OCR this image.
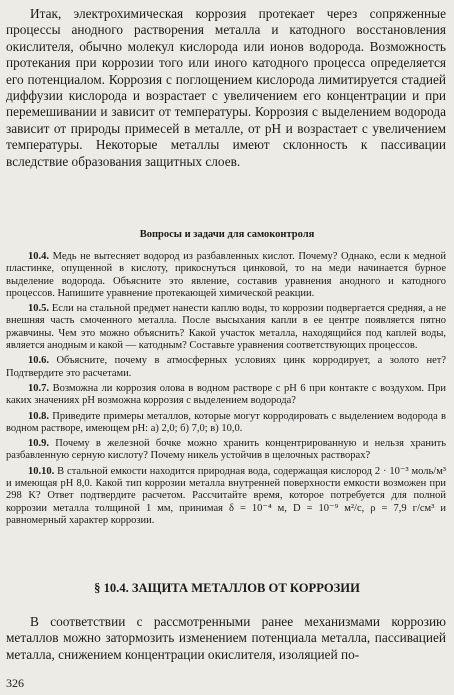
Итак, электрохимическая коррозия протекает через сопряженные процессы анодного растворения металла и катодного восстановления окислителя, обычно молекул кислорода или ионов водорода. Возможность протекания при коррозии того или иного катодного процесса определяется его потенциалом. Коррозия с поглощением кислорода лимитируется стадией диффузии кислорода и возрастает с увеличением его концентрации и при перемешивании и зависит от температуры. Коррозия с выделением водорода зависит от природы примесей в металле, от pH и возрастает с увеличением температуры. Некоторые металлы имеют склонность к пассивации вследствие образования защитных слоев.

Вопросы и задачи для самоконтроля

10.4. Медь не вытесняет водород из разбавленных кислот. Почему? Однако, если к медной пластинке, опущенной в кислоту, прикоснуться цинковой, то на меди начинается бурное выделение водорода. Объясните это явление, составив уравнения анодного и катодного процессов. Напишите уравнение протекающей химической реакции.

10.5. Если на стальной предмет нанести каплю воды, то коррозии подвергается средняя, а не внешняя часть смоченного металла. После высыхания капли в ее центре появляется пятно ржавчины. Чем это можно объяснить? Какой участок металла, находящийся под каплей воды, является анодным и какой — катодным? Составьте уравнения соответствующих процессов.

10.6. Объясните, почему в атмосферных условиях цинк корродирует, а золото нет? Подтвердите это расчетами.

10.7. Возможна ли коррозия олова в водном растворе с pH 6 при контакте с воздухом. При каких значениях pH возможна коррозия с выделением водорода?

10.8. Приведите примеры металлов, которые могут корродировать с выделением водорода в водном растворе, имеющем pH: а) 2,0; б) 7,0; в) 10,0.

10.9. Почему в железной бочке можно хранить концентрированную и нельзя хранить разбавленную серную кислоту? Почему никель устойчив в щелочных растворах?

10.10. В стальной емкости находится природная вода, содержащая кислород 2 · 10⁻³ моль/м³ и имеющая pH 8,0. Какой тип коррозии металла внутренней поверхности емкости возможен при 298 K? Ответ подтвердите расчетом. Рассчитайте время, которое потребуется для полной коррозии металла толщиной 1 мм, принимая δ = 10⁻⁴ м, D = 10⁻⁹ м²/с, ρ = 7,9 г/см³ и равномерный характер коррозии.

§ 10.4. ЗАЩИТА МЕТАЛЛОВ ОТ КОРРОЗИИ

В соответствии с рассмотренными ранее механизмами коррозию металлов можно затормозить изменением потенциала металла, пассивацией металла, снижением концентрации окислителя, изоляцией по-

326
